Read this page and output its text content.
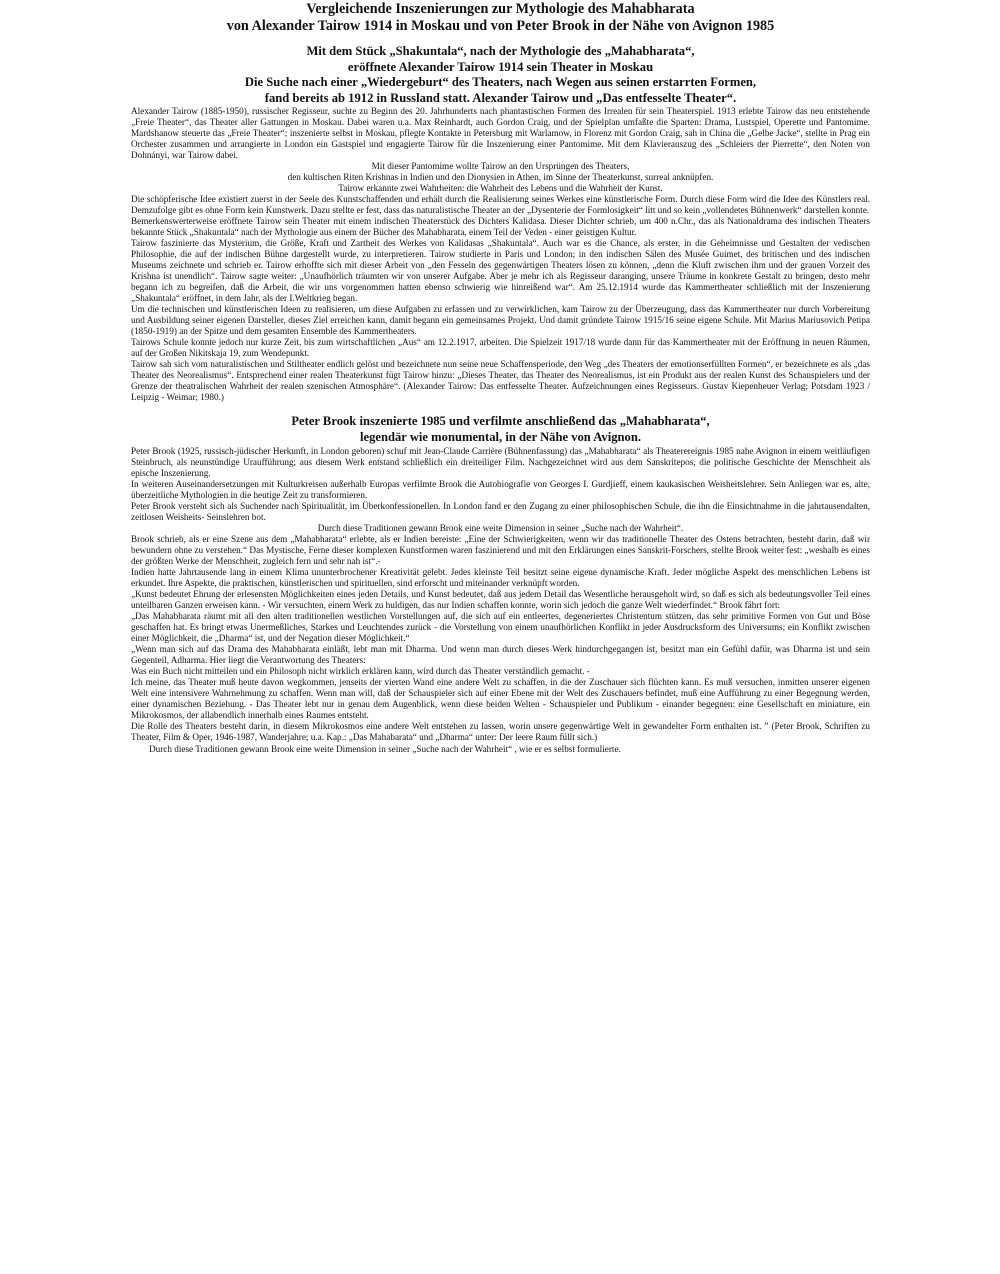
Vergleichende Inszenierungen zur Mythologie des Mahabharata
von Alexander Tairow 1914 in Moskau und von Peter Brook in der Nähe von Avignon 1985
Mit dem Stück „Shakuntala“, nach der Mythologie des „Mahabharata“,
eröffnete Alexander Tairow 1914 sein Theater in Moskau
Die Suche nach einer „Wiedergeburt“ des Theaters, nach Wegen aus seinen erstarrten Formen,
fand bereits ab 1912 in Russland statt. Alexander Tairow und „Das entfesselte Theater“.

Alexander Tairow (1885-1950), russischer Regisseur, suchte zu Beginn des 20. Jahrhunderts nach phantastischen Formen des Irrealen für sein Theaterspiel. 1913 erlebte Tairow das neu entstehende „Freie Theater“, das Theater aller Gattungen in Moskau. Dabei waren u.a. Max Reinhardt, auch Gordon Craig, und der Spielplan umfaßte die Sparten: Drama, Lustspiel, Operette und Pantomime. Mardshanow steuerte das „Freie Theater“; inszenierte selbst in Moskau, pflegte Kontakte in Petersburg mit Warlamow, in Florenz mit Gordon Craig, sah in China die „Gelbe Jacke“, stellte in Prag ein Orchester zusammen und arrangierte in London ein Gastspiel und engagierte Tairow für die Inszenierung einer Pantomime. Mit dem Klavierauszug des „Schleiers der Pierrette“, den Noten von Dohnányi, war Tairow dabei.

Mit dieser Pantomime wollte Tairow an den Ursprüngen des Theaters,

den kultischen Riten Krishnas in Indien und den Dionysien in Athen, im Sinne der Theaterkunst, surreal anknüpfen.

Tairow erkannte zwei Wahrheiten: die Wahrheit des Lebens und die Wahrheit der Kunst.

Die schöpferische Idee existiert zuerst in der Seele des Kunstschaffenden und erhält durch die Realisierung seines Werkes eine künstlerische Form. Durch diese Form wird die Idee des Künstlers real. Demzufolge gibt es ohne Form kein Kunstwerk. Dazu stellte er fest, dass das naturalistische Theater an der „Dysenterie der Formlosigkeit“ litt und so kein „vollendetes Bühnenwerk“ darstellen konnte.

Bemerkenswerterweise eröffnete Tairow sein Theater mit einem indischen Theaterstück des Dichters Kalidasa. Dieser Dichter schrieb, um 400 n.Chr., das als Nationaldrama des indischen Theaters bekannte Stück „Shakuntala“ nach der Mythologie aus einem der Bücher des Mahabharata, einem Teil der Veden - einer geistigen Kultur.

Tairow faszinierte das Mysterium, die Größe, Kraft und Zartheit des Werkes von Kalidasas „Shakuntala“. Auch war es die Chance, als erster, in die Geheimnisse und Gestalten der vedischen Philosophie, die auf der indischen Bühne dargestellt wurde, zu interpretieren. Tairow studierte in Paris und London; in den indischen Sälen des Musée Guimet, des britischen und des indischen Museums zeichnete und schrieb er. Tairow erhoffte sich mit dieser Arbeit von „den Fesseln des gegenwärtigen Theaters lösen zu können, „denn die Kluft zwischen ihm und der grauen Vorzeit des Krishna ist unendlich“. Tairow sagte weiter: „Unaufhörlich träumten wir von unserer Aufgabe. Aber je mehr ich als Regisseur daranging, unsere Träume in konkrete Gestalt zu bringen, desto mehr begann ich zu begreifen, daß die Arbeit, die wir uns vorgenommen hatten ebenso schwierig wie hinreißend war“. Am 25.12.1914 wurde das Kammertheater schließlich mit der Inszenierung „Shakuntala“ eröffnet, in dem Jahr, als der I.Weltkrieg began.

Um die technischen und künstlerischen Ideen zu realisieren, um diese Aufgaben zu erfassen und zu verwirklichen, kam Tairow zu der Überzeugung, dass das Kammertheater nur durch Vorbereitung und Ausbildung seiner eigenen Darsteller, dieses Ziel erreichen kann, damit begann ein gemeinsames Projekt. Und damit gründete Tairow 1915/16 seine eigene Schule. Mit Marius Mariusovich Petipa (1850-1919) an der Spitze und dem gesamten Ensemble des Kammertheaters.

Tairows Schule konnte jedoch nur kurze Zeit, bis zum wirtschaftlichen „Aus“ am 12.2.1917, arbeiten. Die Spielzeit 1917/18 wurde dann für das Kammertheater mit der Eröffnung in neuen Räumen, auf der Großen Nikitskaja 19, zum Wendepunkt.

Tairow sah sich vom naturalistischen und Stiltheater endlich gelöst und bezeichnete nun seine neue Schaffensperiode, den Weg „des Theaters der emotionserfüllten Formen“, er bezeichnete es als „das Theater des Neorealismus“. Entsprechend einer realen Theaterkunst fügt Tairow hinzu: „Dieses Theater, das Theater des Neorealismus, ist ein Produkt aus der realen Kunst des Schauspielers und der Grenze der theatralischen Wahrheit der realen szenischen Atmosphäre“. (Alexander Tairow: Das entfesselte Theater. Aufzeichnungen eines Regisseurs. Gustav Kiepenheuer Verlag; Potsdam 1923 / Leipzig - Weimar; 1980.)

Peter Brook inszenierte 1985 und verfilmte anschließend das „Mahabharata“,
legendär wie monumental, in der Nähe von Avignon.

Peter Brook (1925, russisch-jüdischer Herkunft, in London geboren) schuf mit Jean-Claude Carrière (Bühnenfassung) das „Mahabharata“ als Theaterereignis 1985 nahe Avignon in einem weitläufigen Steinbruch, als neunstündige Uraufführung; aus diesem Werk entstand schließlich ein dreiteiliger Film. Nachgezeichnet wird aus dem Sanskritepos, die politische Geschichte der Menschheit als epische Inszenierung.

In weiteren Auseinandersetzungen mit Kulturkreisen außerhalb Europas verfilmte Brook die Autobiografie von Georges I. Gurdjieff, einem kaukasischen Weisheitslehrer. Sein Anliegen war es, alte, überzeitliche Mythologien in die heutige Zeit zu transformieren.

Peter Brook versteht sich als Suchender nach Spiritualität, im Überkonfessionellen. In London fand er den Zugang zu einer philosophischen Schule, die ihn die Einsichtnahme in die jahrtausendalten, zeitlosen Weisheits- Seinslehren bot.

Durch diese Traditionen gewann Brook eine weite Dimension in seiner „Suche nach der Wahrheit“.

Brook schrieb, als er eine Szene aus dem „Mahabharata“ erlebte, als er Indien bereiste: „Eine der Schwierigkeiten, wenn wir das traditionelle Theater des Ostens betrachten, besteht darin, daß wir bewundern ohne zu verstehen.“ Das Mystische, Ferne dieser komplexen Kunstformen waren faszinierend und mit den Erklärungen eines Sanskrit-Forschers, stellte Brook weiter fest: „weshalb es eines der größten Werke der Menschheit, zugleich fern und sehr nah ist“.-

Indien hatte Jahrtausende lang in einem Klima ununterbrochener Kreativität gelebt. Jedes kleinste Teil besitzt seine eigene dynamische Kraft. Jeder mögliche Aspekt des menschlichen Lebens ist erkundet. Ihre Aspekte, die praktischen, künstlerischen und spirituellen, sind erforscht und miteinander verknüpft worden.

„Kunst bedeutet Ehrung der erlesensten Möglichkeiten eines jeden Details, und Kunst bedeutet, daß aus jedem Detail das Wesentliche herausgeholt wird, so daß es sich als bedeutungsvoller Teil eines unteilbaren Ganzen erweisen kann. - Wir versuchten, einem Werk zu huldigen, das nur Indien schaffen konnte, worin sich jedoch die ganze Welt wiederfindet.“ Brook fährt fort:

„Das Mahabharata räumt mit all den alten traditionellen westlichen Vorstellungen auf, die sich auf ein entleertes, degeneriertes Christentum stützen, das sehr primitive Formen von Gut und Böse geschaffen hat. Es bringt etwas Unermeßliches, Starkes und Leuchtendes zurück - die Vorstellung von einem unaufhörlichen Konflikt in jeder Ausdrucksform des Universums; ein Konflikt zwischen einer Möglichkeit, die „Dharma“ ist, und der Negation dieser Möglichkeit.“

„Wenn man sich auf das Drama des Mahabharata einläßt, lebt man mit Dharma. Und wenn man durch dieses Werk hindurchgegangen ist, besitzt man ein Gefühl dafür, was Dharma ist und sein Gegenteil, Adharma. Hier liegt die Verantwortung des Theaters:

Was ein Buch nicht mitteilen und ein Philosoph nicht wirklich erklären kann, wird durch das Theater verständlich gemacht. -

Ich meine, das Theater muß heute davon wegkommen, jenseits der vierten Wand eine andere Welt zu schaffen, in die der Zuschauer sich flüchten kann. Es muß versuchen, inmitten unserer eigenen Welt eine intensivere Wahrnehmung zu schaffen. Wenn man will, daß der Schauspieler sich auf einer Ebene mit der Welt des Zuschauers befindet, muß eine Aufführung zu einer Begegnung werden, einer dynamischen Beziehung. - Das Theater lebt nur in genau dem Augenblick, wenn diese beiden Welten - Schauspieler und Publikum - einander begegnen: eine Gesellschaft en miniature, ein Mikrokosmos, der allabendlich innerhalb eines Raumes entsteht.

Die Rolle des Theaters besteht darin, in diesem Mikrokosmos eine andere Welt entstehen zu lassen, worin unsere gegenwärtige Welt in gewandelter Form enthalten ist. ” (Peter Brook, Schriften zu Theater, Film & Oper, 1946-1987, Wanderjahre; u.a. Kap.: „Das Mahabarata“ und „Dharma“ unter: Der leere Raum füllt sich.)

Durch diese Traditionen gewann Brook eine weite Dimension in seiner „Suche nach der Wahrheit“ , wie er es selbst formulierte.
